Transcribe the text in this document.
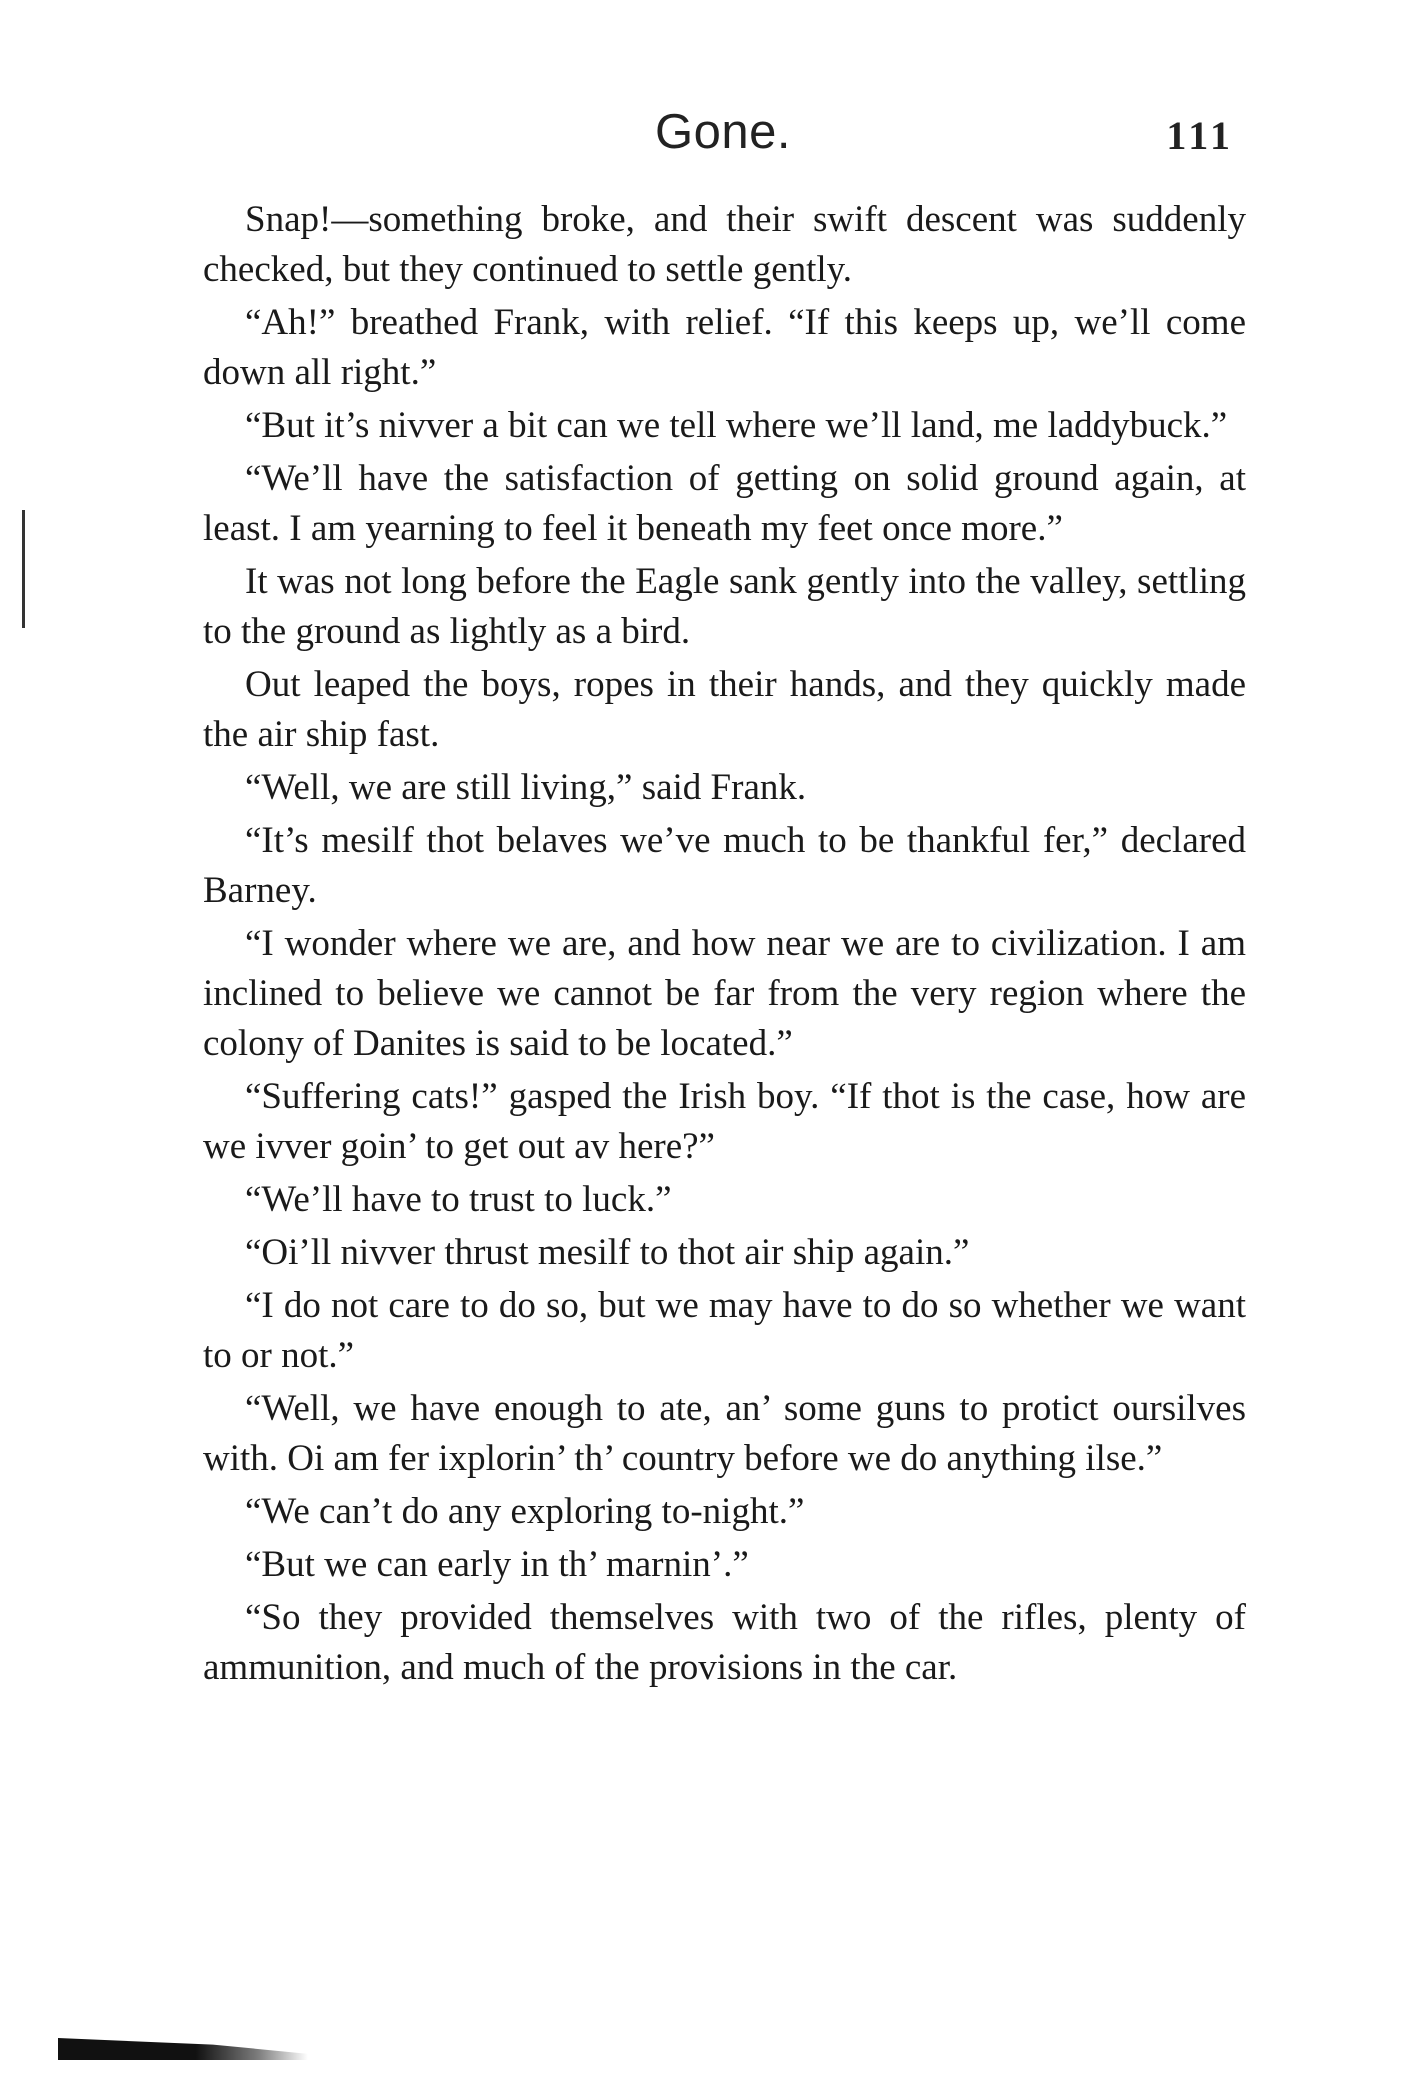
Gone.	111

Snap!—something broke, and their swift descent was suddenly checked, but they continued to settle gently.

“Ah!” breathed Frank, with relief. “If this keeps up, we’ll come down all right.”

“But it’s nivver a bit can we tell where we’ll land, me laddybuck.”

“We’ll have the satisfaction of getting on solid ground again, at least. I am yearning to feel it beneath my feet once more.”

It was not long before the Eagle sank gently into the valley, settling to the ground as lightly as a bird.

Out leaped the boys, ropes in their hands, and they quickly made the air ship fast.

“Well, we are still living,” said Frank.

“It’s mesilf thot belaves we’ve much to be thankful fer,” declared Barney.

“I wonder where we are, and how near we are to civilization. I am inclined to believe we cannot be far from the very region where the colony of Danites is said to be located.”

“Suffering cats!” gasped the Irish boy. “If thot is the case, how are we ivver goin’ to get out av here?”

“We’ll have to trust to luck.”

“Oi’ll nivver thrust mesilf to thot air ship again.”

“I do not care to do so, but we may have to do so whether we want to or not.”

“Well, we have enough to ate, an’ some guns to protict oursilves with. Oi am fer ixplorin’ th’ country before we do anything ilse.”

“We can’t do any exploring to-night.”

“But we can early in th’ marnin’.”

“So they provided themselves with two of the rifles, plenty of ammunition, and much of the provisions in the car.
